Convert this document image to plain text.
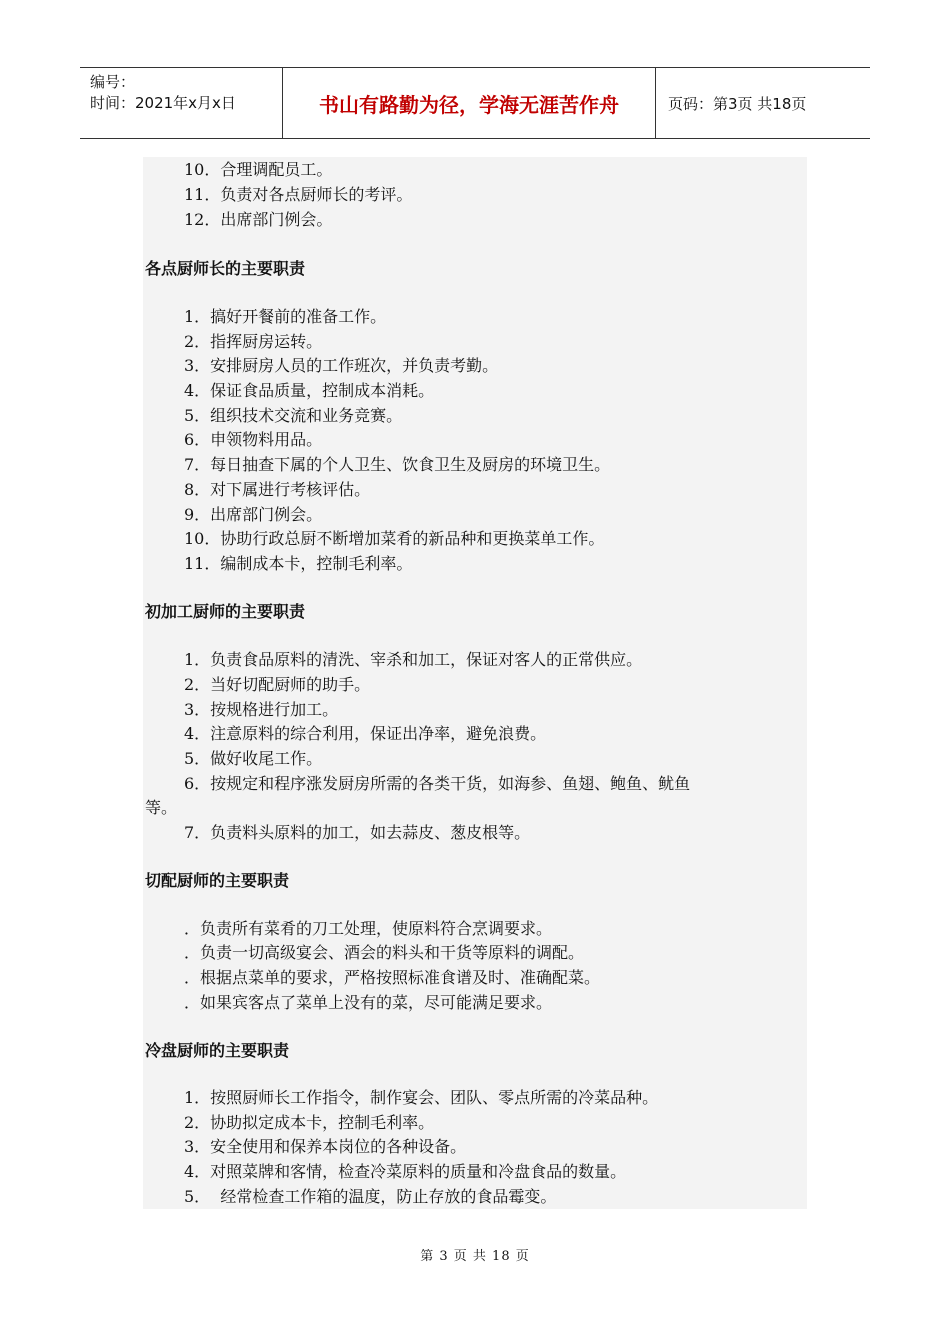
编号：
时间：2021年x月x日	书山有路勤为径，学海无涯苦作舟	页码：第3页 共18页
10．合理调配员工。
11．负责对各点厨师长的考评。
12．出席部门例会。
各点厨师长的主要职责
1．搞好开餐前的准备工作。
2．指挥厨房运转。
3．安排厨房人员的工作班次，并负责考勤。
4．保证食品质量，控制成本消耗。
5．组织技术交流和业务竞赛。
6．申领物料用品。
7．每日抽查下属的个人卫生、饮食卫生及厨房的环境卫生。
8．对下属进行考核评估。
9．出席部门例会。
10．协助行政总厨不断增加菜肴的新品种和更换菜单工作。
11．编制成本卡，控制毛利率。
初加工厨师的主要职责
1．负责食品原料的清洗、宰杀和加工，保证对客人的正常供应。
2．当好切配厨师的助手。
3．按规格进行加工。
4．注意原料的综合利用，保证出净率，避免浪费。
5．做好收尾工作。
6．按规定和程序涨发厨房所需的各类干货，如海参、鱼翅、鲍鱼、鱿鱼
等。
7．负责料头原料的加工，如去蒜皮、葱皮根等。
切配厨师的主要职责
．负责所有菜肴的刀工处理，使原料符合烹调要求。
．负责一切高级宴会、酒会的料头和干货等原料的调配。
．根据点菜单的要求，严格按照标准食谱及时、准确配菜。
．如果宾客点了菜单上没有的菜，尽可能满足要求。
冷盘厨师的主要职责
1．按照厨师长工作指令，制作宴会、团队、零点所需的冷菜品种。
2．协助拟定成本卡，控制毛利率。
3．安全使用和保养本岗位的各种设备。
4．对照菜牌和客情，检查冷菜原料的质量和冷盘食品的数量。
5．  经常检查工作箱的温度，防止存放的食品霉变。
第 3 页 共 18 页
